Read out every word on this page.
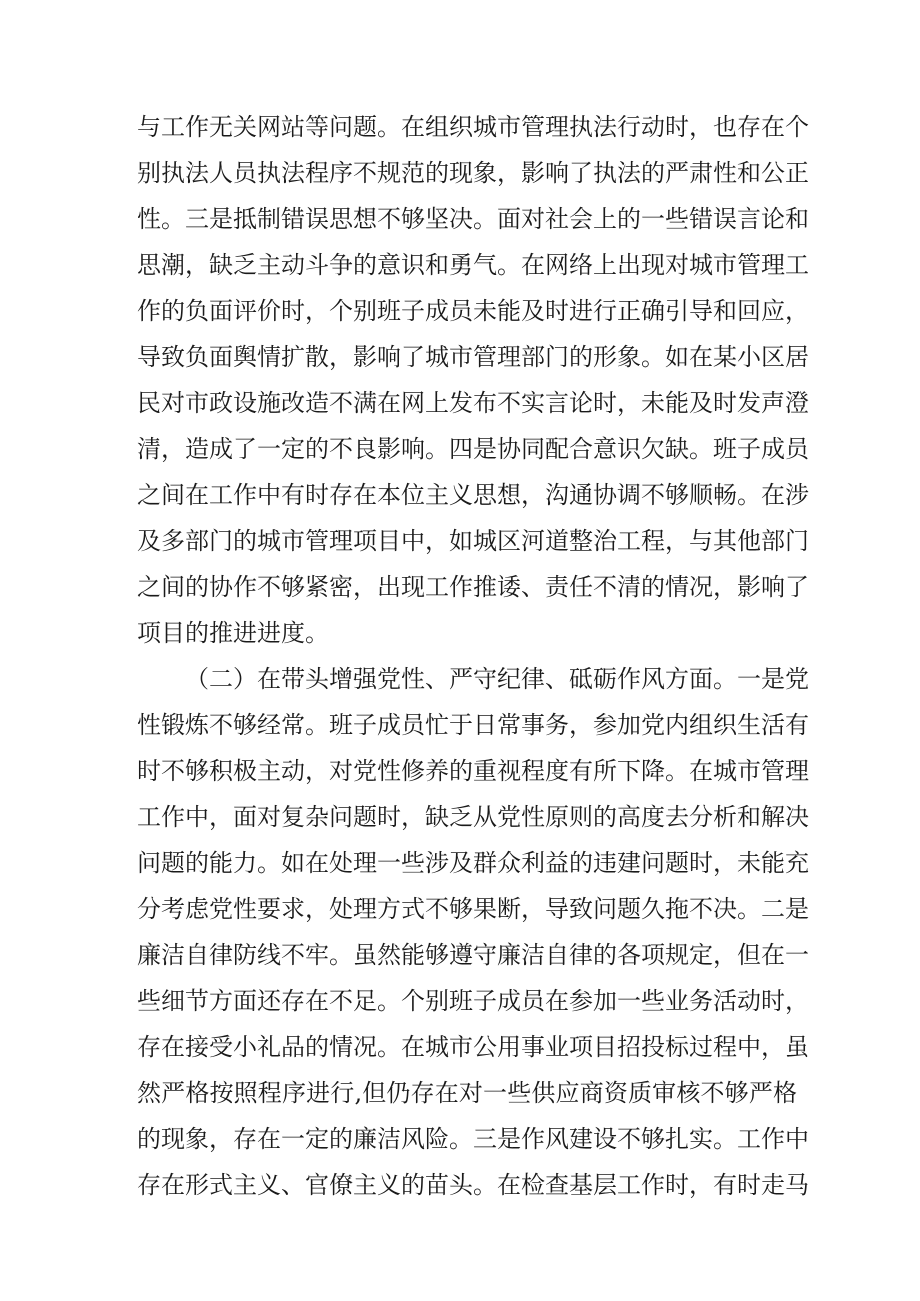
与工作无关网站等问题。在组织城市管理执法行动时，也存在个
别执法人员执法程序不规范的现象，影响了执法的严肃性和公正
性。三是抵制错误思想不够坚决。面对社会上的一些错误言论和
思潮，缺乏主动斗争的意识和勇气。在网络上出现对城市管理工
作的负面评价时，个别班子成员未能及时进行正确引导和回应，
导致负面舆情扩散，影响了城市管理部门的形象。如在某小区居
民对市政设施改造不满在网上发布不实言论时，未能及时发声澄
清，造成了一定的不良影响。四是协同配合意识欠缺。班子成员
之间在工作中有时存在本位主义思想，沟通协调不够顺畅。在涉
及多部门的城市管理项目中，如城区河道整治工程，与其他部门
之间的协作不够紧密，出现工作推诿、责任不清的情况，影响了
项目的推进进度。
（二）在带头增强党性、严守纪律、砥砺作风方面。一是党
性锻炼不够经常。班子成员忙于日常事务，参加党内组织生活有
时不够积极主动，对党性修养的重视程度有所下降。在城市管理
工作中，面对复杂问题时，缺乏从党性原则的高度去分析和解决
问题的能力。如在处理一些涉及群众利益的违建问题时，未能充
分考虑党性要求，处理方式不够果断，导致问题久拖不决。二是
廉洁自律防线不牢。虽然能够遵守廉洁自律的各项规定，但在一
些细节方面还存在不足。个别班子成员在参加一些业务活动时，
存在接受小礼品的情况。在城市公用事业项目招投标过程中，虽
然严格按照程序进行,但仍存在对一些供应商资质审核不够严格
的现象，存在一定的廉洁风险。三是作风建设不够扎实。工作中
存在形式主义、官僚主义的苗头。在检查基层工作时，有时走马
